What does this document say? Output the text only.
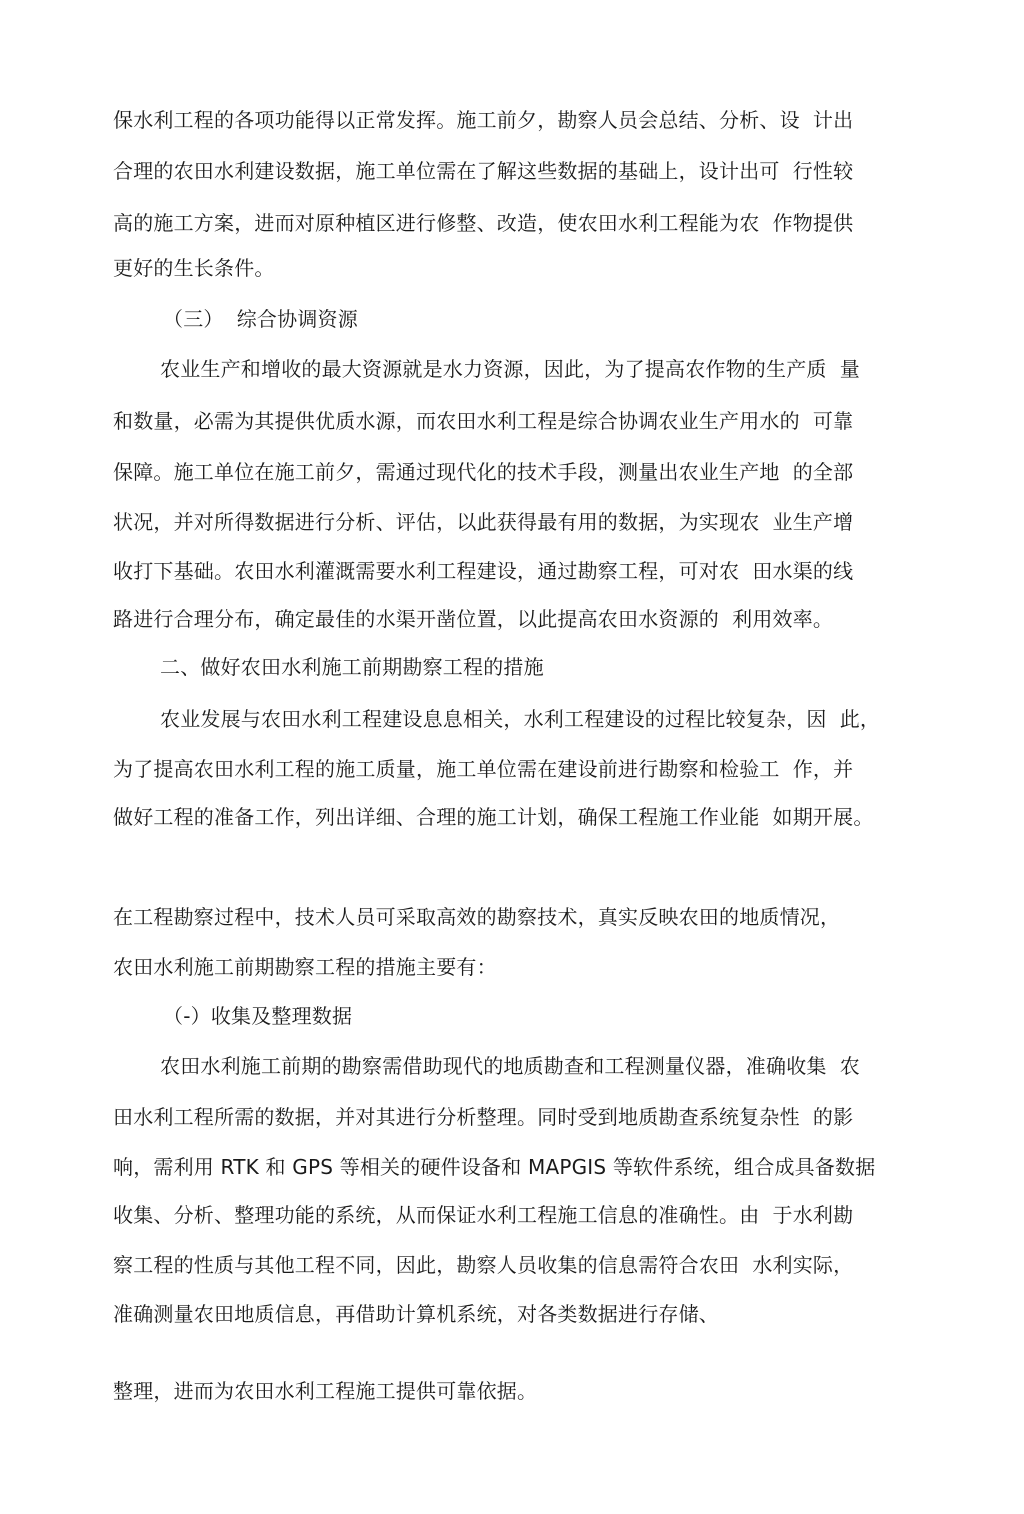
保水利工程的各项功能得以正常发挥。施工前夕，勘察人员会总结、分析、设  计出

合理的农田水利建设数据，施工单位需在了解这些数据的基础上，设计出可  行性较

高的施工方案，进而对原种植区进行修整、改造，使农田水利工程能为农  作物提供

更好的生长条件。

（三）  综合协调资源

农业生产和增收的最大资源就是水力资源，因此，为了提高农作物的生产质  量

和数量，必需为其提供优质水源，而农田水利工程是综合协调农业生产用水的  可靠

保障。施工单位在施工前夕，需通过现代化的技术手段，测量出农业生产地  的全部

状况，并对所得数据进行分析、评估，以此获得最有用的数据，为实现农  业生产增

收打下基础。农田水利灌溉需要水利工程建设，通过勘察工程，可对农  田水渠的线

路进行合理分布，确定最佳的水渠开凿位置，以此提高农田水资源的  利用效率。

二、做好农田水利施工前期勘察工程的措施

农业发展与农田水利工程建设息息相关，水利工程建设的过程比较复杂，因  此，

为了提高农田水利工程的施工质量，施工单位需在建设前进行勘察和检验工  作，并

做好工程的准备工作，列出详细、合理的施工计划，确保工程施工作业能  如期开展。

在工程勘察过程中，技术人员可采取高效的勘察技术，真实反映农田的地质情况，

农田水利施工前期勘察工程的措施主要有：

（-）收集及整理数据

农田水利施工前期的勘察需借助现代的地质勘查和工程测量仪器，准确收集  农

田水利工程所需的数据，并对其进行分析整理。同时受到地质勘查系统复杂性  的影

响，需利用 RTK 和 GPS 等相关的硬件设备和 MAPGIS 等软件系统，组合成具备数据

收集、分析、整理功能的系统，从而保证水利工程施工信息的准确性。由  于水利勘

察工程的性质与其他工程不同，因此，勘察人员收集的信息需符合农田  水利实际，

准确测量农田地质信息，再借助计算机系统，对各类数据进行存储、

整理，进而为农田水利工程施工提供可靠依据。
